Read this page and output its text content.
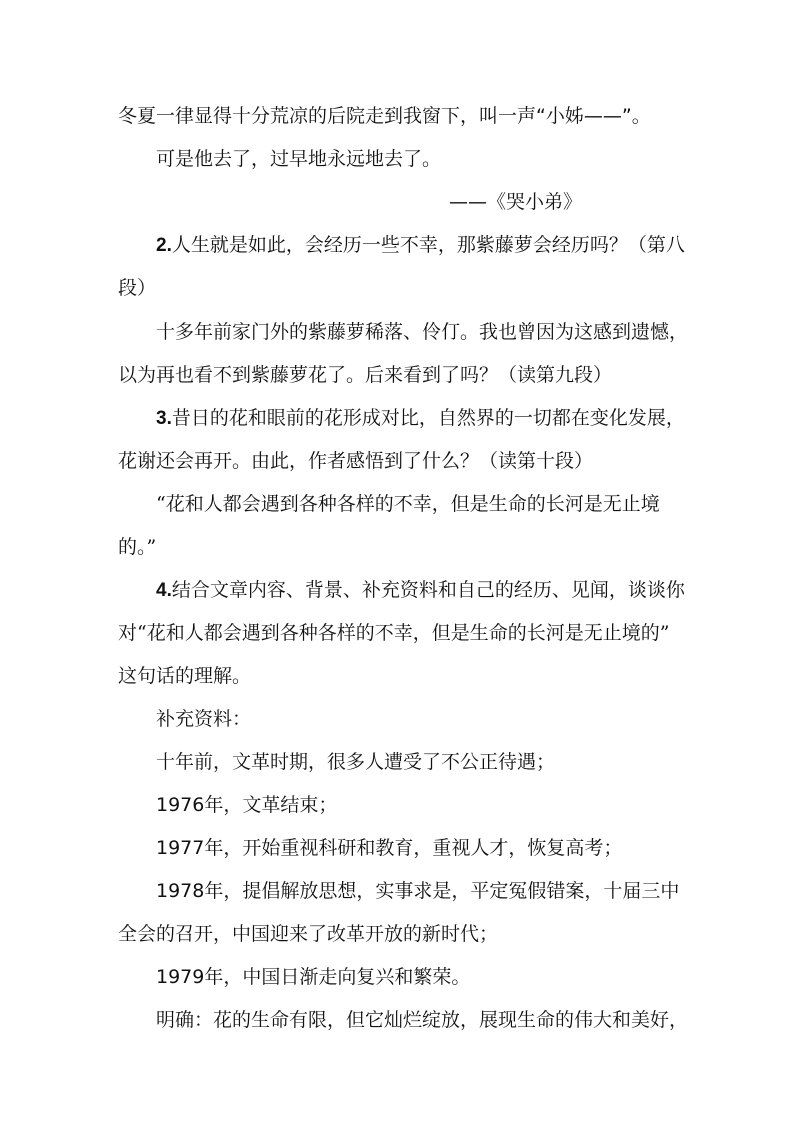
冬夏一律显得十分荒凉的后院走到我窗下，叫一声“小姊——”。
可是他去了，过早地永远地去了。
——《哭小弟》
2.人生就是如此，会经历一些不幸，那紫藤萝会经历吗？（第八
段）
十多年前家门外的紫藤萝稀落、伶仃。我也曾因为这感到遗憾，
以为再也看不到紫藤萝花了。后来看到了吗？（读第九段）
3.昔日的花和眼前的花形成对比，自然界的一切都在变化发展，
花谢还会再开。由此，作者感悟到了什么？（读第十段）
“花和人都会遇到各种各样的不幸，但是生命的长河是无止境
的。”
4.结合文章内容、背景、补充资料和自己的经历、见闻，谈谈你
对“花和人都会遇到各种各样的不幸，但是生命的长河是无止境的”
这句话的理解。
补充资料：
十年前，文革时期，很多人遭受了不公正待遇；
1976年，文革结束；
1977年，开始重视科研和教育，重视人才，恢复高考；
1978年，提倡解放思想，实事求是，平定冤假错案，十届三中
全会的召开，中国迎来了改革开放的新时代；
1979年，中国日渐走向复兴和繁荣。
明确：花的生命有限，但它灿烂绽放，展现生命的伟大和美好，
